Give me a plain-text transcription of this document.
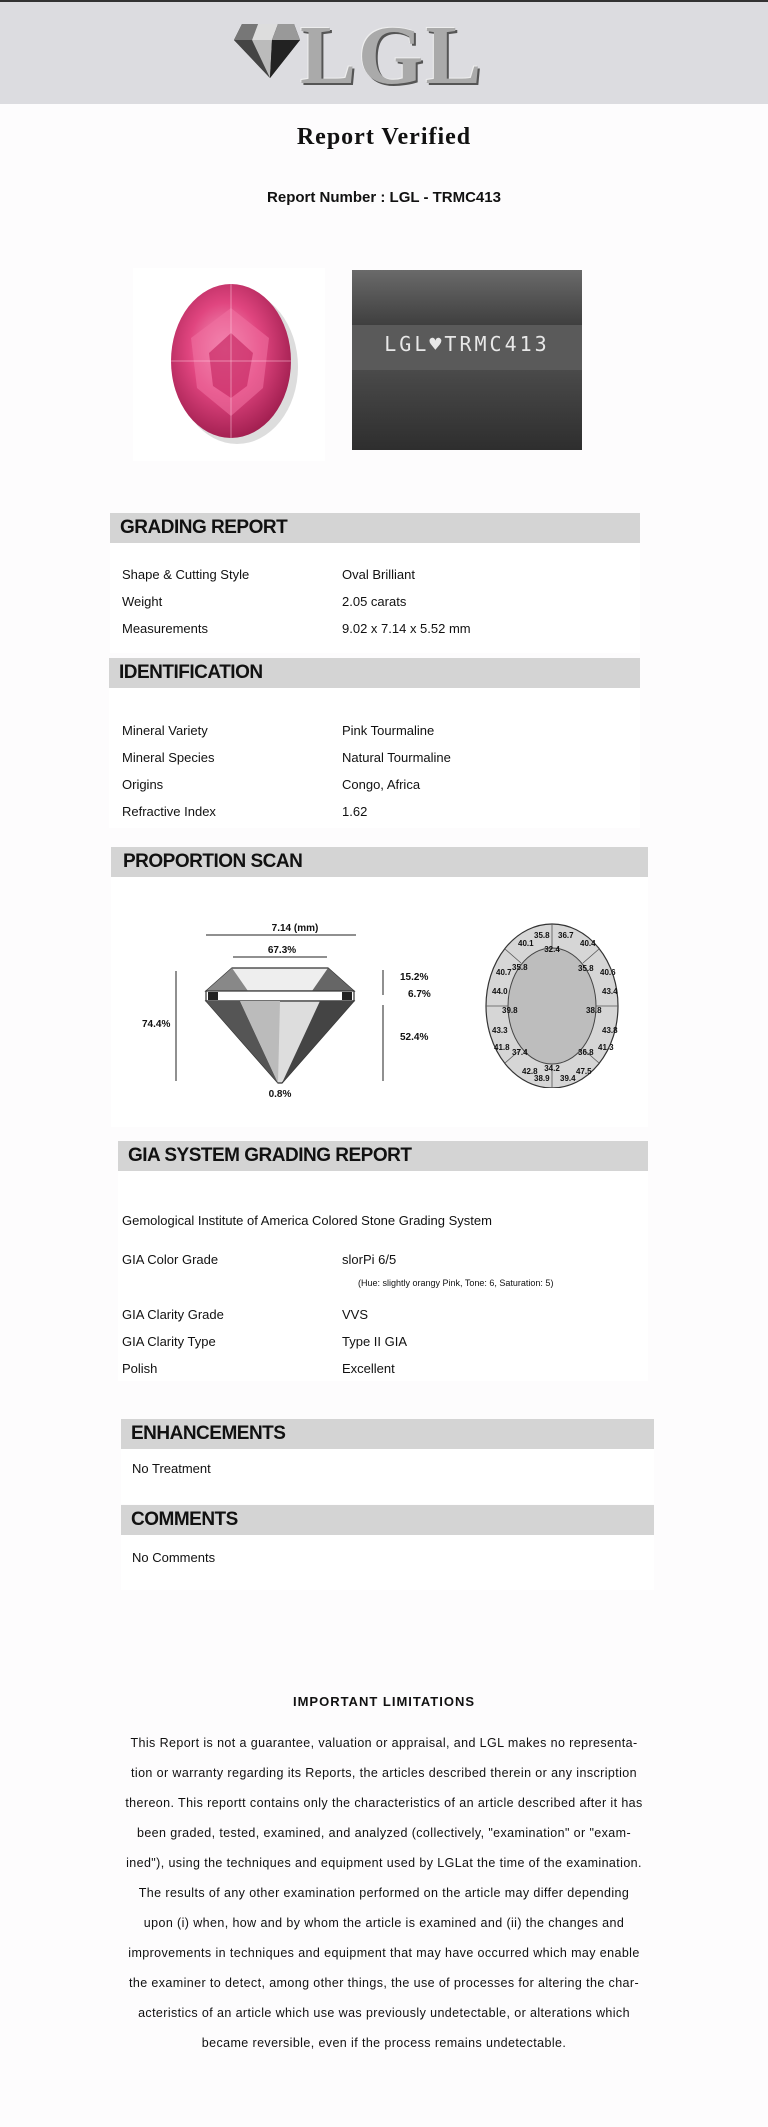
LGL
Report Verified
Report Number : LGL - TRMC413
LGL♥TRMC413
GRADING REPORT
Shape & Cutting Style	Oval Brilliant
Weight	2.05 carats
Measurements	9.02 x 7.14 x 5.52 mm
IDENTIFICATION
Mineral Variety	Pink Tourmaline
Mineral Species	Natural Tourmaline
Origins	Congo, Africa
Refractive Index	1.62
PROPORTION SCAN
7.14 (mm)
67.3%
74.4%
15.2%
6.7%
52.4%
0.8%
40.1
35.8 36.7
40.4
32.4
35.8 40.6
40.7
35.8
44.0	43.4
39.8	38.8
43.3	43.8
41.8	41.3
37.4	36.8
42.8 34.2 47.5
38.9 39.4
GIA SYSTEM GRADING REPORT
Gemological Institute of America Colored Stone Grading System
GIA Color Grade	slorPi 6/5
(Hue: slightly orangy Pink, Tone: 6, Saturation: 5)
GIA Clarity Grade	VVS
GIA Clarity Type	Type II GIA
Polish	Excellent
ENHANCEMENTS
No Treatment
COMMENTS
No Comments
IMPORTANT LIMITATIONS
This Report is not a guarantee, valuation or appraisal, and LGL makes no representa-
tion or warranty regarding its Reports, the articles described therein or any inscription
thereon. This reportt contains only the characteristics of an article described after it has
been graded, tested, examined, and analyzed (collectively, "examination" or "exam-
ined"), using the techniques and equipment used by LGLat the time of the examination.
The results of any other examination performed on the article may differ depending
upon (i) when, how and by whom the article is examined and (ii) the changes and
improvements in techniques and equipment that may have occurred which may enable
the examiner to detect, among other things, the use of processes for altering the char-
acteristics of an article which use was previously undetectable, or alterations which
became reversible, even if the process remains undetectable.
